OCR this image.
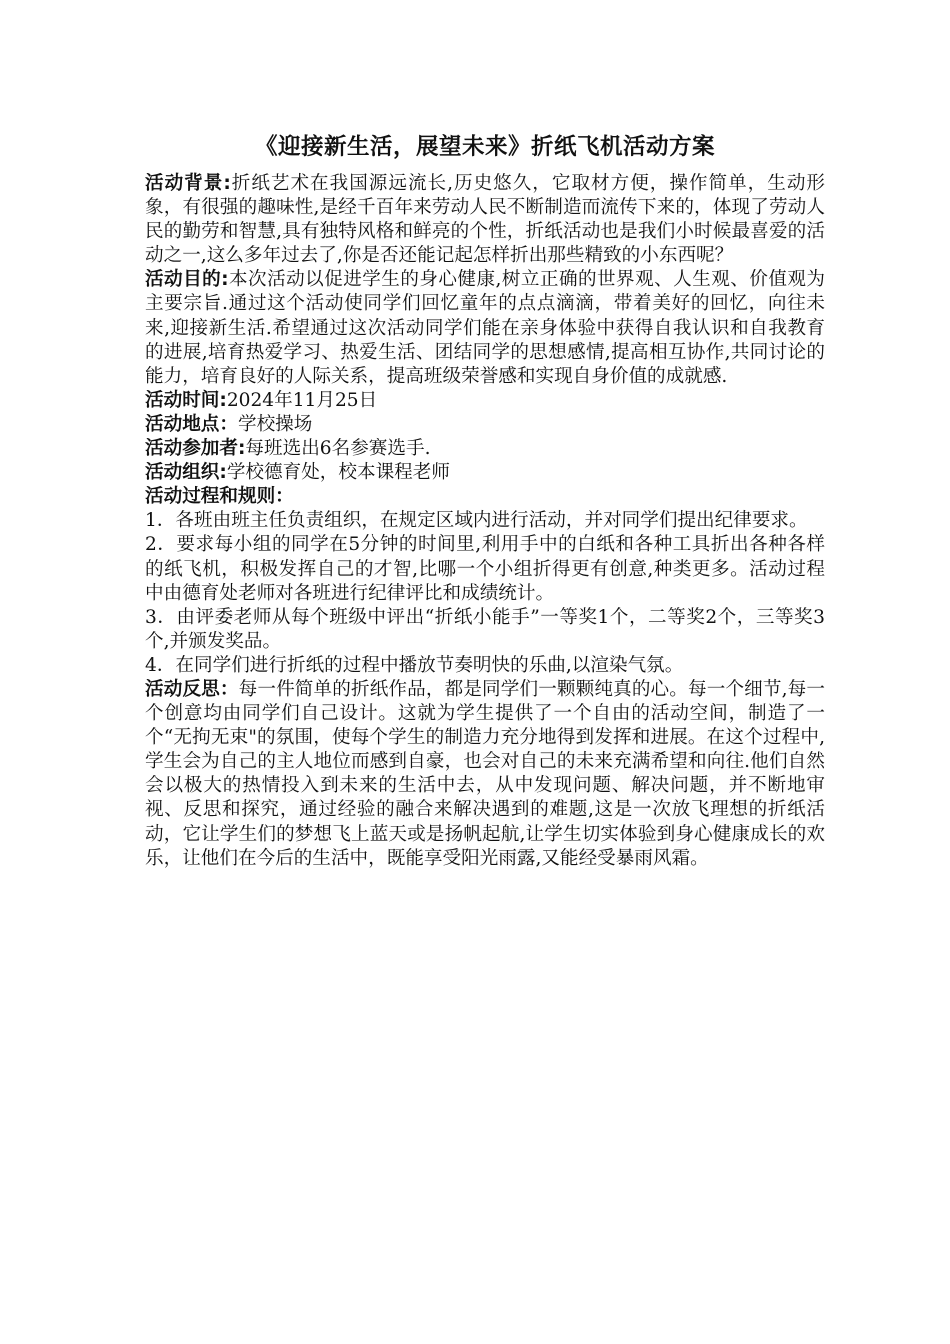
《迎接新生活，展望未来》折纸飞机活动方案

活动背景:折纸艺术在我国源远流长,历史悠久，它取材方便，操作简单，生动形象，有很强的趣味性,是经千百年来劳动人民不断制造而流传下来的，体现了劳动人民的勤劳和智慧,具有独特风格和鲜亮的个性，折纸活动也是我们小时候最喜爱的活动之一,这么多年过去了,你是否还能记起怎样折出那些精致的小东西呢？

活动目的:本次活动以促进学生的身心健康,树立正确的世界观、人生观、价值观为主要宗旨.通过这个活动使同学们回忆童年的点点滴滴，带着美好的回忆，向往未来,迎接新生活.希望通过这次活动同学们能在亲身体验中获得自我认识和自我教育的进展,培育热爱学习、热爱生活、团结同学的思想感情,提高相互协作,共同讨论的能力，培育良好的人际关系，提高班级荣誉感和实现自身价值的成就感.

活动时间:2024年11月25日

活动地点：学校操场

活动参加者:每班选出6名参赛选手.

活动组织:学校德育处，校本课程老师

活动过程和规则：

1．各班由班主任负责组织，在规定区域内进行活动，并对同学们提出纪律要求。

2．要求每小组的同学在5分钟的时间里,利用手中的白纸和各种工具折出各种各样的纸飞机，积极发挥自己的才智,比哪一个小组折得更有创意,种类更多。活动过程中由德育处老师对各班进行纪律评比和成绩统计。

3．由评委老师从每个班级中评出“折纸小能手”一等奖1个，二等奖2个，三等奖3个,并颁发奖品。

4．在同学们进行折纸的过程中播放节奏明快的乐曲,以渲染气氛。

活动反思：每一件简单的折纸作品，都是同学们一颗颗纯真的心。每一个细节,每一个创意均由同学们自己设计。这就为学生提供了一个自由的活动空间，制造了一个“无拘无束"的氛围，使每个学生的制造力充分地得到发挥和进展。在这个过程中,学生会为自己的主人地位而感到自豪，也会对自己的未来充满希望和向往.他们自然会以极大的热情投入到未来的生活中去，从中发现问题、解决问题，并不断地审视、反思和探究，通过经验的融合来解决遇到的难题,这是一次放飞理想的折纸活动，它让学生们的梦想飞上蓝天或是扬帆起航,让学生切实体验到身心健康成长的欢乐，让他们在今后的生活中，既能享受阳光雨露,又能经受暴雨风霜。
